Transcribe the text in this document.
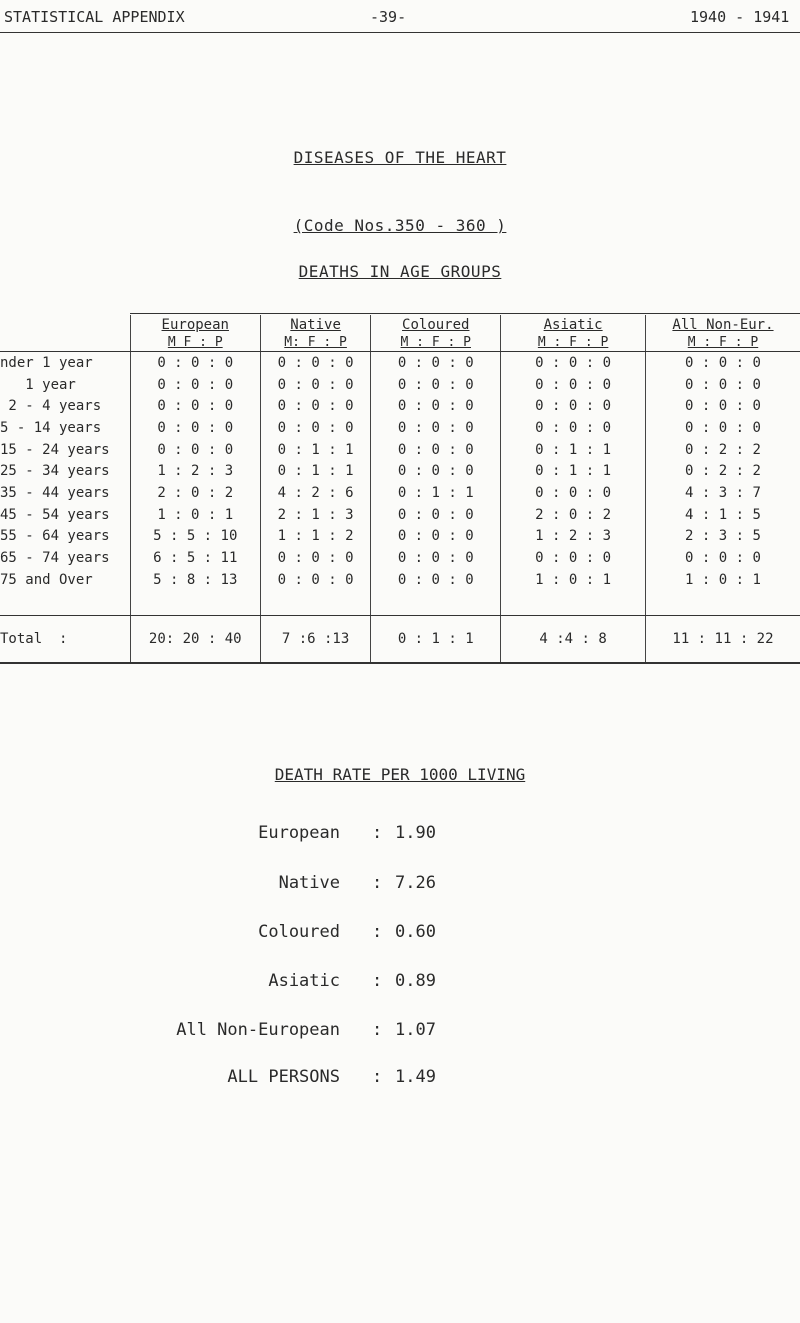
STATISTICAL APPENDIX	-39-	1940 - 1941
DISEASES OF THE HEART
(Code Nos.350 - 360 )
DEATHS IN AGE GROUPS
	European	Native	Coloured	Asiatic	All Non-Eur.
	M F : P	M: F : P	M : F : P	M : F : P	M : F : P
nder 1 year	0 : 0 : 0	0 : 0 : 0	0 : 0 : 0	0 : 0 : 0	0 : 0 : 0
1 year	0 : 0 : 0	0 : 0 : 0	0 : 0 : 0	0 : 0 : 0	0 : 0 : 0
2 - 4 years	0 : 0 : 0	0 : 0 : 0	0 : 0 : 0	0 : 0 : 0	0 : 0 : 0
5 - 14 years	0 : 0 : 0	0 : 0 : 0	0 : 0 : 0	0 : 0 : 0	0 : 0 : 0
15 - 24 years	0 : 0 : 0	0 : 1 : 1	0 : 0 : 0	0 : 1 : 1	0 : 2 : 2
25 - 34 years	1 : 2 : 3	0 : 1 : 1	0 : 0 : 0	0 : 1 : 1	0 : 2 : 2
35 - 44 years	2 : 0 : 2	4 : 2 : 6	0 : 1 : 1	0 : 0 : 0	4 : 3 : 7
45 - 54 years	1 : 0 : 1	2 : 1 : 3	0 : 0 : 0	2 : 0 : 2	4 : 1 : 5
55 - 64 years	5 : 5 : 10	1 : 1 : 2	0 : 0 : 0	1 : 2 : 3	2 : 3 : 5
65 - 74 years	6 : 5 : 11	0 : 0 : 0	0 : 0 : 0	0 : 0 : 0	0 : 0 : 0
75 and Over	5 : 8 : 13	0 : 0 : 0	0 : 0 : 0	1 : 0 : 1	1 : 0 : 1

Total  :	20: 20 : 40	7 :6 :13	0 : 1 : 1	4 :4 : 8	11 : 11 : 22
DEATH RATE PER 1000 LIVING
European : 1.90
Native : 7.26
Coloured : 0.60
Asiatic : 0.89
All Non-European : 1.07
ALL PERSONS : 1.49
